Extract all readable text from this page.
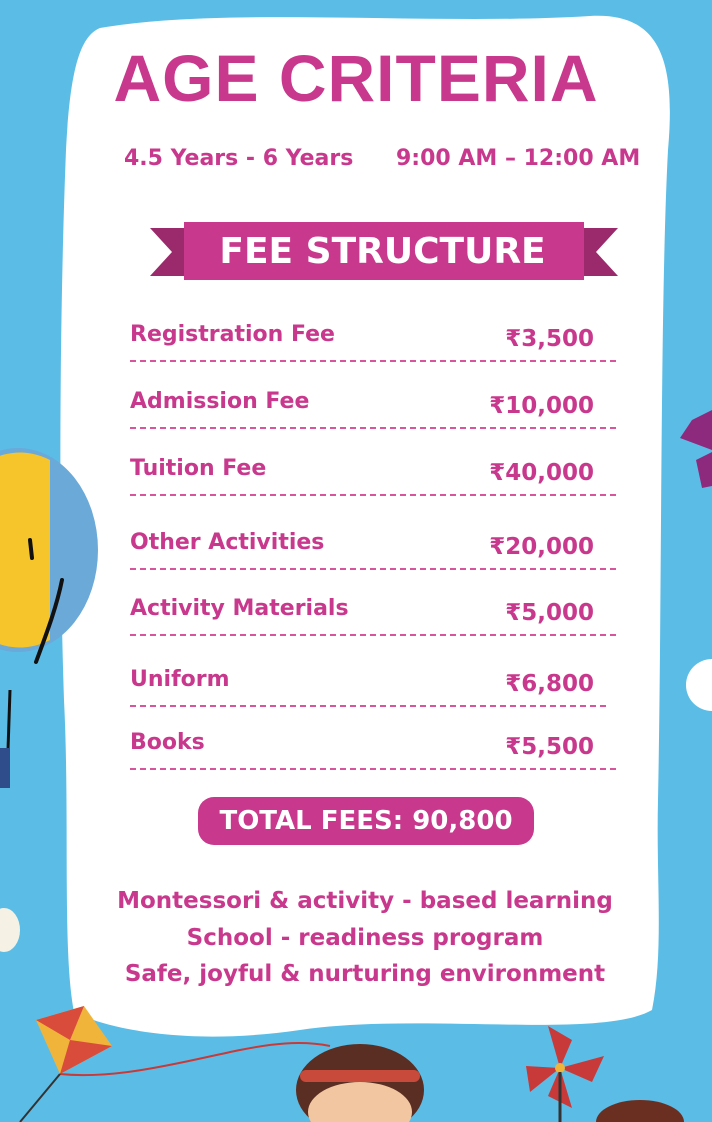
AGE CRITERIA
4.5 Years - 6 Years 9:00 AM – 12:00 AM
FEE STRUCTURE
Registration Fee	₹3,500
Admission Fee	₹10,000
Tuition Fee	₹40,000
Other Activities	₹20,000
Activity Materials	₹5,000
Uniform	₹6,800
Books	₹5,500
TOTAL FEES: 90,800
Montessori & activity - based learning
School - readiness program
Safe, joyful & nurturing environment
